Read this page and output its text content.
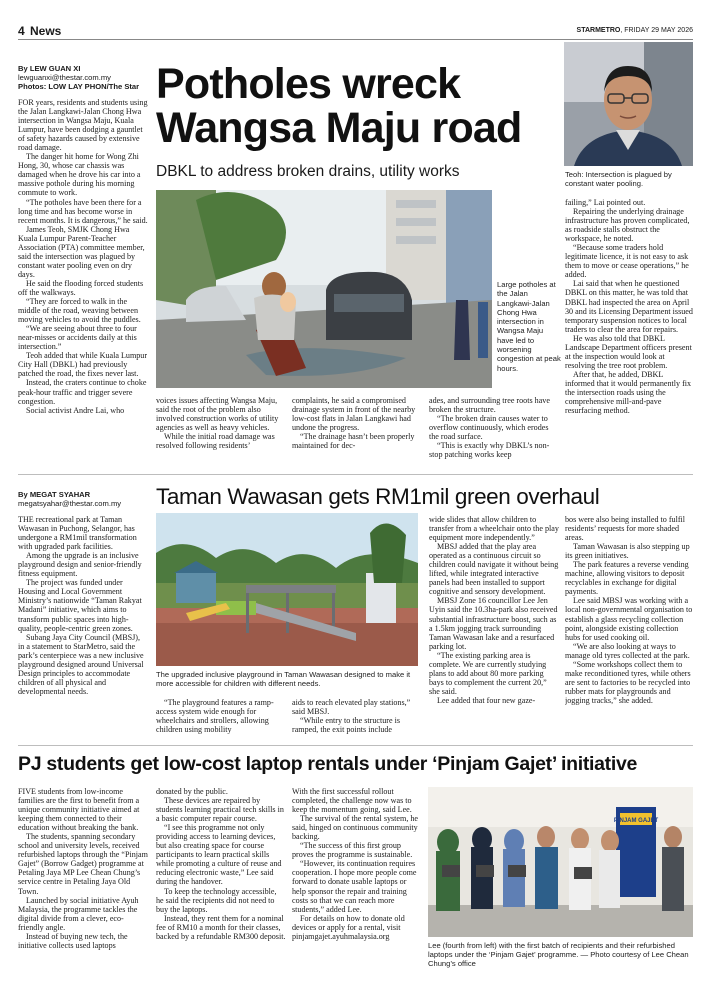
4 News	STARMETRO, FRIDAY 29 MAY 2026
By LEW GUAN XI
lewguanxi@thestar.com.my
Photos: LOW LAY PHON/The Star Potholes wreck
Wangsa Maju road
DBKL to address broken drains, utility works	Teoh: Intersection is plagued by constant water pooling.
Large potholes at the Jalan Langkawi-Jalan Chong Hwa intersection in Wangsa Maju have led to worsening congestion at peak hours.

FOR years, residents and students using the Jalan Langkawi-Jalan Chong Hwa intersection in Wangsa Maju, Kuala Lumpur, have been dodging a gauntlet of safety hazards caused by extensive road damage.

The danger hit home for Wong Zhi Hong, 30, whose car chassis was damaged when he drove his car into a massive pothole during his morning commute to work.

“The potholes have been there for a long time and has become worse in recent months. It is dangerous,” he said.

James Teoh, SMJK Chong Hwa Kuala Lumpur Parent-Teacher Association (PTA) committee member, said the intersection was plagued by constant water pooling even on dry days.

He said the flooding forced students off the walkways.

“They are forced to walk in the middle of the road, weaving between moving vehicles to avoid the puddles.

“We are seeing about three to four near-misses or accidents daily at this intersection.”

Teoh added that while Kuala Lumpur City Hall (DBKL) had previously patched the road, the fixes never last.

Instead, the craters continue to choke peak-hour traffic and trigger severe congestion.

Social activist Andre Lai, who

voices issues affecting Wangsa Maju, said the root of the problem also involved construction works of utility agencies as well as heavy vehicles.

While the initial road damage was resolved following residents’

complaints, he said a compromised drainage system in front of the nearby low-cost flats in Jalan Langkawi had undone the progress.

“The drainage hasn’t been properly maintained for dec-

ades, and surrounding tree roots have broken the structure.

“The broken drain causes water to overflow continuously, which erodes the road surface.

“This is exactly why DBKL’s non-stop patching works keep

failing,” Lai pointed out.

Repairing the underlying drainage infrastructure has proven complicated, as roadside stalls obstruct the workspace, he noted.

“Because some traders hold legitimate licence, it is not easy to ask them to move or cease operations,” he added.

Lai said that when he questioned DBKL on this matter, he was told that DBKL had inspected the area on April 30 and its Licensing Department issued temporary suspension notices to local traders to clear the area for repairs.

He was also told that DBKL Landscape Department officers present at the inspection would look at resolving the tree root problem.

After that, he added, DBKL informed that it would permanently fix the intersection roads using the comprehensive mill-and-pave resurfacing method.

By MEGAT SYAHAR
megatsyahar@thestar.com.my	Taman Wawasan gets RM1mil green overhaul
The upgraded inclusive playground in Taman Wawasan designed to make it more accessible for children with different needs.

THE recreational park at Taman Wawasan in Puchong, Selangor, has undergone a RM1mil transformation with upgraded park facilities.

Among the upgrade is an inclusive playground design and senior-friendly fitness equipment.

The project was funded under Housing and Local Government Ministry’s nationwide “Taman Rakyat Madani” initiative, which aims to transform public spaces into high-quality, people-centric green zones.

Subang Jaya City Council (MBSJ), in a statement to StarMetro, said the park’s centerpiece was a new inclusive playground designed around Universal Design principles to accommodate children of all physical and developmental needs.

“The playground features a ramp-access system wide enough for wheelchairs and strollers, allowing children using mobility

aids to reach elevated play stations,” said MBSJ.

“While entry to the structure is ramped, the exit points include

wide slides that allow children to transfer from a wheelchair onto the play equipment more independently.”

MBSJ added that the play area operated as a continuous circuit so children could navigate it without being lifted, while integrated interactive panels had been installed to support cognitive and sensory development.

MBSJ Zone 16 councillor Lee Jen Uyin said the 10.3ha-park also received substantial infrastructure boost, such as a 1.5km jogging track surrounding Taman Wawasan lake and a resurfaced parking lot.

“The existing parking area is complete. We are currently studying plans to add about 80 more parking bays to complement the current 20,” she said.

Lee added that four new gaze-

bos were also being installed to fulfil residents’ requests for more shaded areas.

Taman Wawasan is also stepping up its green initiatives.

The park features a reverse vending machine, allowing visitors to deposit recyclables in exchange for digital payments.

Lee said MBSJ was working with a local non-governmental organisation to establish a glass recycling collection point, alongside existing collection hubs for used cooking oil.

“We are also looking at ways to manage old tyres collected at the park.

“Some workshops collect them to make reconditioned tyres, while others are sent to factories to be recycled into rubber mats for playgrounds and jogging tracks,” she added.

PJ students get low-cost laptop rentals under ‘Pinjam Gajet’ initiative

FIVE students from low-income families are the first to benefit from a unique community initiative aimed at keeping them connected to their education without breaking the bank.

The students, spanning secondary school and university levels, received refurbished laptops through the “Pinjam Gajet” (Borrow Gadget) programme at Petaling Jaya MP Lee Chean Chung’s service centre in Petaling Jaya Old Town.

Launched by social initiative Ayuh Malaysia, the programme tackles the digital divide from a clever, eco-friendly angle.

Instead of buying new tech, the initiative collects used laptops

donated by the public.

These devices are repaired by students learning practical tech skills in a basic computer repair course.

“I see this programme not only providing access to learning devices, but also creating space for course participants to learn practical skills while promoting a culture of reuse and reducing electronic waste,” Lee said during the handover.

To keep the technology accessible, he said the recipients did not need to buy the laptops.

Instead, they rent them for a nominal fee of RM10 a month for their classes, backed by a refundable RM300 deposit.

With the first successful rollout completed, the challenge now was to keep the momentum going, said Lee.

The survival of the rental system, he said, hinged on continuous community backing.

“The success of this first group proves the programme is sustainable.

“However, its continuation requires cooperation. I hope more people come forward to donate usable laptops or help sponsor the repair and training costs so that we can reach more students,” added Lee.

For details on how to donate old devices or apply for a rental, visit pinjamgajet.ayuhmalaysia.org

PINJAM GAJET
Lee (fourth from left) with the first batch of recipients and their refurbished laptops under the ‘Pinjam Gajet’ programme. — Photo courtesy of Lee Chean Chung’s office
